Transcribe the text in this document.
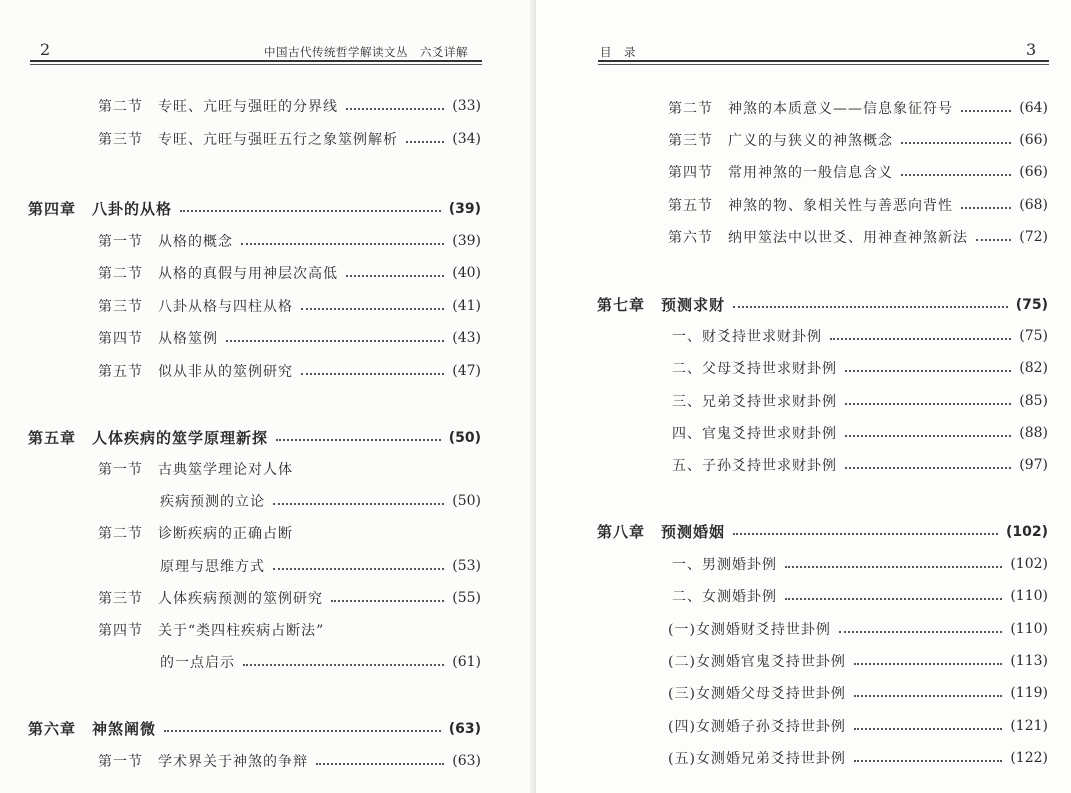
2	中国古代传统哲学解读文丛　六爻详解
第二节　专旺、亢旺与强旺的分界线	(33)
第三节　专旺、亢旺与强旺五行之象筮例解析	(34)
第四章　八卦的从格	(39)
第一节　从格的概念	(39)
第二节　从格的真假与用神层次高低	(40)
第三节　八卦从格与四柱从格	(41)
第四节　从格筮例	(43)
第五节　似从非从的筮例研究	(47)
第五章　人体疾病的筮学原理新探	(50)
第一节　古典筮学理论对人体
疾病预测的立论	(50)
第二节　诊断疾病的正确占断
原理与思维方式	(53)
第三节　人体疾病预测的筮例研究	(55)
第四节　关于“类四柱疾病占断法”
的一点启示	(61)
第六章　神煞阐微	(63)
第一节　学术界关于神煞的争辩	(63)
目　录	3
第二节　神煞的本质意义——信息象征符号	(64)
第三节　广义的与狭义的神煞概念	(66)
第四节　常用神煞的一般信息含义	(66)
第五节　神煞的物、象相关性与善恶向背性	(68)
第六节　纳甲筮法中以世爻、用神查神煞新法	(72)
第七章　预测求财	(75)
一、财爻持世求财卦例	(75)
二、父母爻持世求财卦例	(82)
三、兄弟爻持世求财卦例	(85)
四、官鬼爻持世求财卦例	(88)
五、子孙爻持世求财卦例	(97)
第八章　预测婚姻	(102)
一、男测婚卦例	(102)
二、女测婚卦例	(110)
(一)女测婚财爻持世卦例	(110)
(二)女测婚官鬼爻持世卦例	(113)
(三)女测婚父母爻持世卦例	(119)
(四)女测婚子孙爻持世卦例	(121)
(五)女测婚兄弟爻持世卦例	(122)
